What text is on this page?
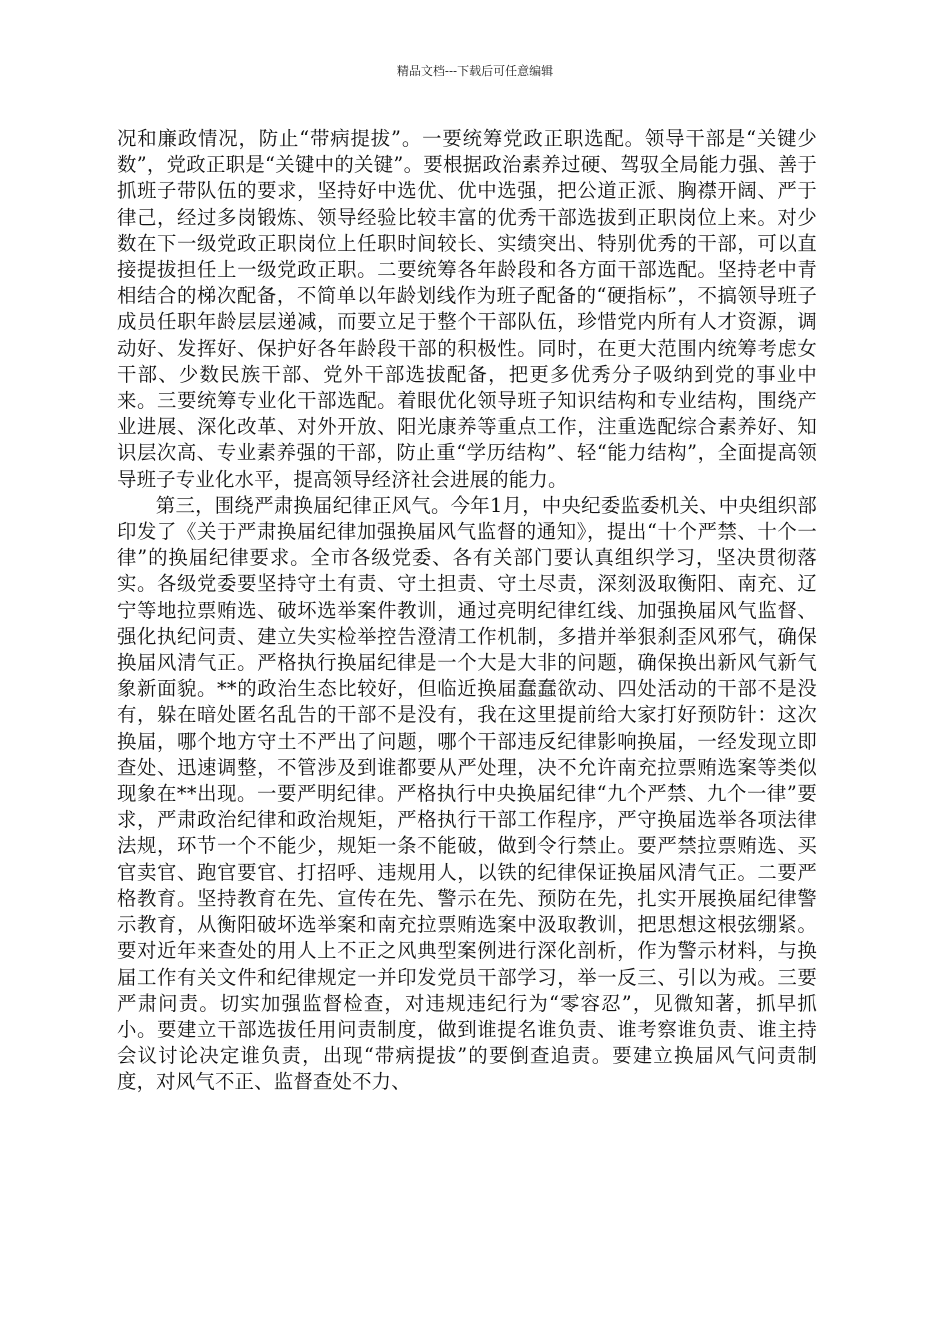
精品文档---下载后可任意编辑

况和廉政情况，防止“带病提拔”。一要统筹党政正职选配。领导干部是“关键少数”，党政正职是“关键中的关键”。要根据政治素养过硬、驾驭全局能力强、善于抓班子带队伍的要求，坚持好中选优、优中选强，把公道正派、胸襟开阔、严于律己，经过多岗锻炼、领导经验比较丰富的优秀干部选拔到正职岗位上来。对少数在下一级党政正职岗位上任职时间较长、实绩突出、特别优秀的干部，可以直接提拔担任上一级党政正职。二要统筹各年龄段和各方面干部选配。坚持老中青相结合的梯次配备，不简单以年龄划线作为班子配备的“硬指标”，不搞领导班子成员任职年龄层层递减，而要立足于整个干部队伍，珍惜党内所有人才资源，调动好、发挥好、保护好各年龄段干部的积极性。同时，在更大范围内统筹考虑女干部、少数民族干部、党外干部选拔配备，把更多优秀分子吸纳到党的事业中来。三要统筹专业化干部选配。着眼优化领导班子知识结构和专业结构，围绕产业进展、深化改革、对外开放、阳光康养等重点工作，注重选配综合素养好、知识层次高、专业素养强的干部，防止重“学历结构”、轻“能力结构”，全面提高领导班子专业化水平，提高领导经济社会进展的能力。

第三，围绕严肃换届纪律正风气。今年1月，中央纪委监委机关、中央组织部印发了《关于严肃换届纪律加强换届风气监督的通知》，提出“十个严禁、十个一律”的换届纪律要求。全市各级党委、各有关部门要认真组织学习，坚决贯彻落实。各级党委要坚持守土有责、守土担责、守土尽责，深刻汲取衡阳、南充、辽宁等地拉票贿选、破坏选举案件教训，通过亮明纪律红线、加强换届风气监督、强化执纪问责、建立失实检举控告澄清工作机制，多措并举狠刹歪风邪气，确保换届风清气正。严格执行换届纪律是一个大是大非的问题，确保换出新风气新气象新面貌。**的政治生态比较好，但临近换届蠢蠢欲动、四处活动的干部不是没有，躲在暗处匿名乱告的干部不是没有，我在这里提前给大家打好预防针：这次换届，哪个地方守土不严出了问题，哪个干部违反纪律影响换届，一经发现立即查处、迅速调整，不管涉及到谁都要从严处理，决不允许南充拉票贿选案等类似现象在**出现。一要严明纪律。严格执行中央换届纪律“九个严禁、九个一律”要求，严肃政治纪律和政治规矩，严格执行干部工作程序，严守换届选举各项法律法规，环节一个不能少，规矩一条不能破，做到令行禁止。要严禁拉票贿选、买官卖官、跑官要官、打招呼、违规用人，以铁的纪律保证换届风清气正。二要严格教育。坚持教育在先、宣传在先、警示在先、预防在先，扎实开展换届纪律警示教育，从衡阳破坏选举案和南充拉票贿选案中汲取教训，把思想这根弦绷紧。要对近年来查处的用人上不正之风典型案例进行深化剖析，作为警示材料，与换届工作有关文件和纪律规定一并印发党员干部学习，举一反三、引以为戒。三要严肃问责。切实加强监督检查，对违规违纪行为“零容忍”，见微知著，抓早抓小。要建立干部选拔任用问责制度，做到谁提名谁负责、谁考察谁负责、谁主持会议讨论决定谁负责，出现“带病提拔”的要倒查追责。要建立换届风气问责制度，对风气不正、监督查处不力、
